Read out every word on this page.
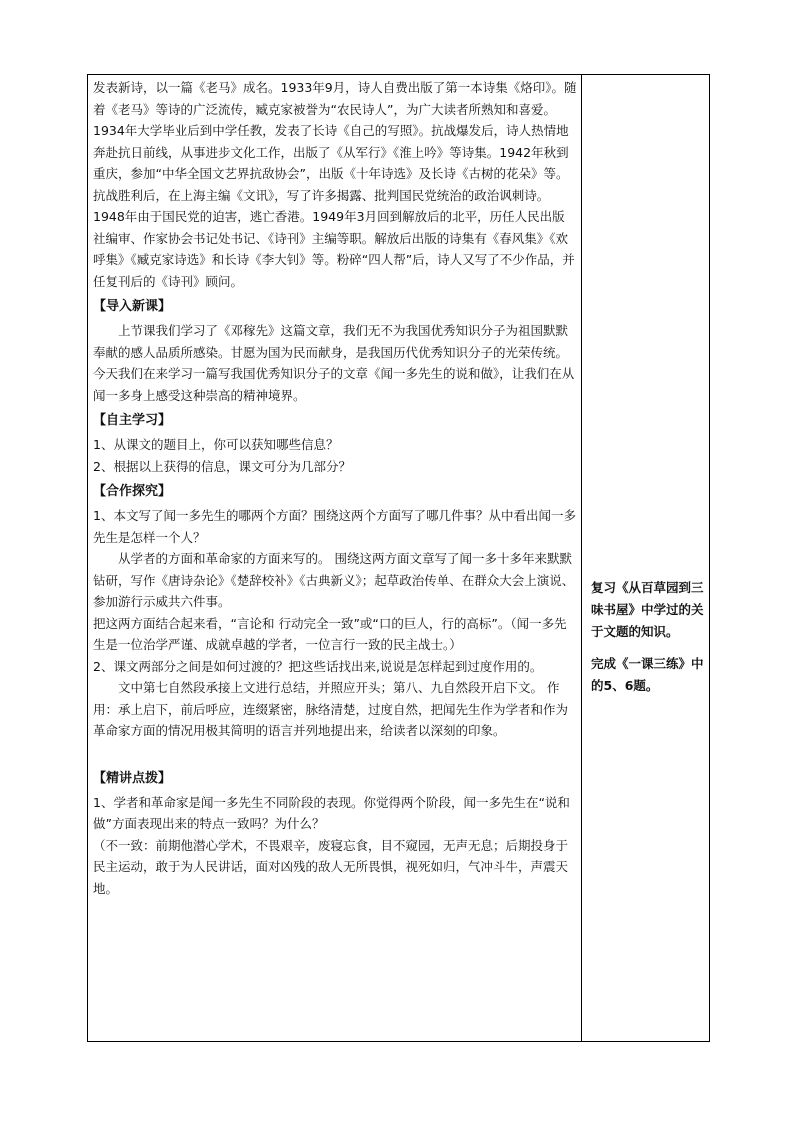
发表新诗，以一篇《老马》成名。1933年9月，诗人自费出版了第一本诗集《烙印》。随着《老马》等诗的广泛流传，臧克家被誉为“农民诗人”，为广大读者所熟知和喜爱。1934年大学毕业后到中学任教，发表了长诗《自己的写照》。抗战爆发后，诗人热情地奔赴抗日前线，从事进步文化工作，出版了《从军行》《淮上吟》等诗集。1942年秋到重庆，参加“中华全国文艺界抗敌协会”，出版《十年诗选》及长诗《古树的花朵》等。抗战胜利后，在上海主编《文讯》，写了许多揭露、批判国民党统治的政治讽刺诗。1948年由于国民党的迫害，逃亡香港。1949年3月回到解放后的北平，历任人民出版社编审、作家协会书记处书记、《诗刊》主编等职。解放后出版的诗集有《春风集》《欢呼集》《臧克家诗选》和长诗《李大钊》等。粉碎“四人帮”后，诗人又写了不少作品，并任复刊后的《诗刊》顾问。

【导入新课】

上节课我们学习了《邓稼先》这篇文章，我们无不为我国优秀知识分子为祖国默默奉献的感人品质所感染。甘愿为国为民而献身，是我国历代优秀知识分子的光荣传统。今天我们在来学习一篇写我国优秀知识分子的文章《闻一多先生的说和做》，让我们在从闻一多身上感受这种崇高的精神境界。

【自主学习】

1、从课文的题目上，你可以获知哪些信息？

2、根据以上获得的信息，课文可分为几部分？

【合作探究】

1、本文写了闻一多先生的哪两个方面？围绕这两个方面写了哪几件事？从中看出闻一多先生是怎样一个人？

从学者的方面和革命家的方面来写的。 围绕这两方面文章写了闻一多十多年来默默钻研，写作《唐诗杂论》《楚辞校补》《古典新义》；起草政治传单、在群众大会上演说、参加游行示威共六件事。

把这两方面结合起来看，“言论和 行动完全一致”或“口的巨人，行的高标”。（闻一多先生是一位治学严谨、成就卓越的学者，一位言行一致的民主战士。）

2、课文两部分之间是如何过渡的？把这些话找出来,说说是怎样起到过度作用的。

文中第七自然段承接上文进行总结，并照应开头；第八、九自然段开启下文。 作用：承上启下，前后呼应，连缀紧密，脉络清楚，过度自然，把闻先生作为学者和作为革命家方面的情况用极其简明的语言并列地提出来，给读者以深刻的印象。

【精讲点拨】

1、学者和革命家是闻一多先生不同阶段的表现。你觉得两个阶段，闻一多先生在“说和做”方面表现出来的特点一致吗？为什么？

（不一致：前期他潜心学术，不畏艰辛，废寝忘食，目不窥园，无声无息；后期投身于民主运动，敢于为人民讲话，面对凶残的敌人无所畏惧，视死如归，气冲斗牛，声震天地。

复习《从百草园到三味书屋》中学过的关于文题的知识。

完成《一课三练》中的5、6题。
